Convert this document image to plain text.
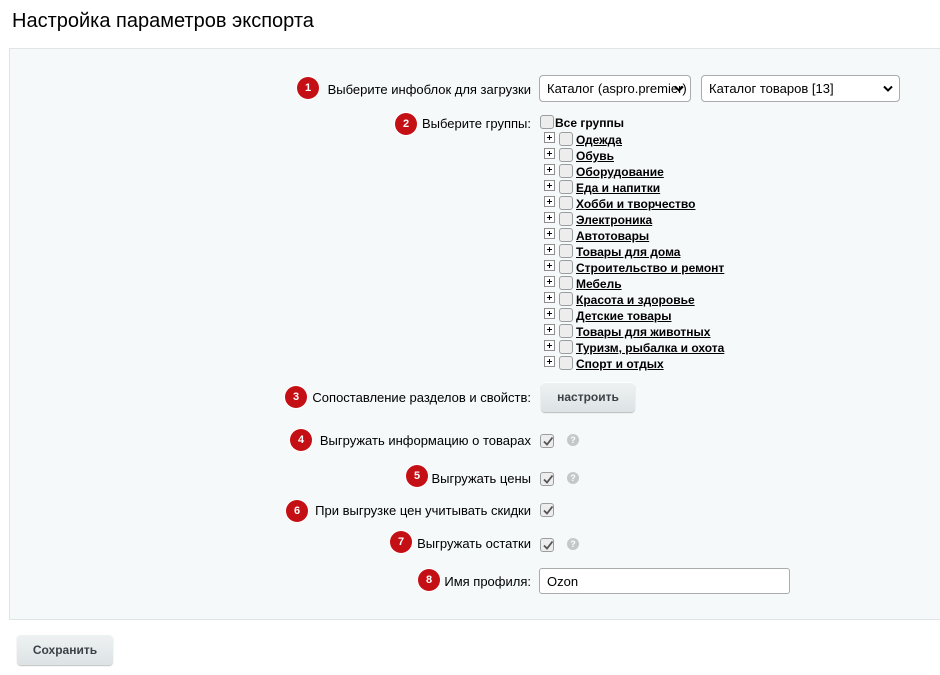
Настройка параметров экспорта
1	Выберите инфоблок для загрузки	Каталог (aspro.premier)	Каталог товаров [13]
2 Выберите группы: Все группы
Одежда
Обувь
Оборудование
Еда и напитки
Хобби и творчество
Электроника
Автотовары
Товары для дома
Строительство и ремонт
Мебель
Красота и здоровье
Детские товары
Товары для животных
Туризм, рыбалка и охота
Спорт и отдых
3	Сопоставление разделов и свойств:	настроить
4	Выгружать информацию о товарах	?
5 Выгружать цены	?
6	При выгрузке цен учитывать скидки
7	Выгружать остатки	?
8 Имя профиля:
Ozon
Сохранить
